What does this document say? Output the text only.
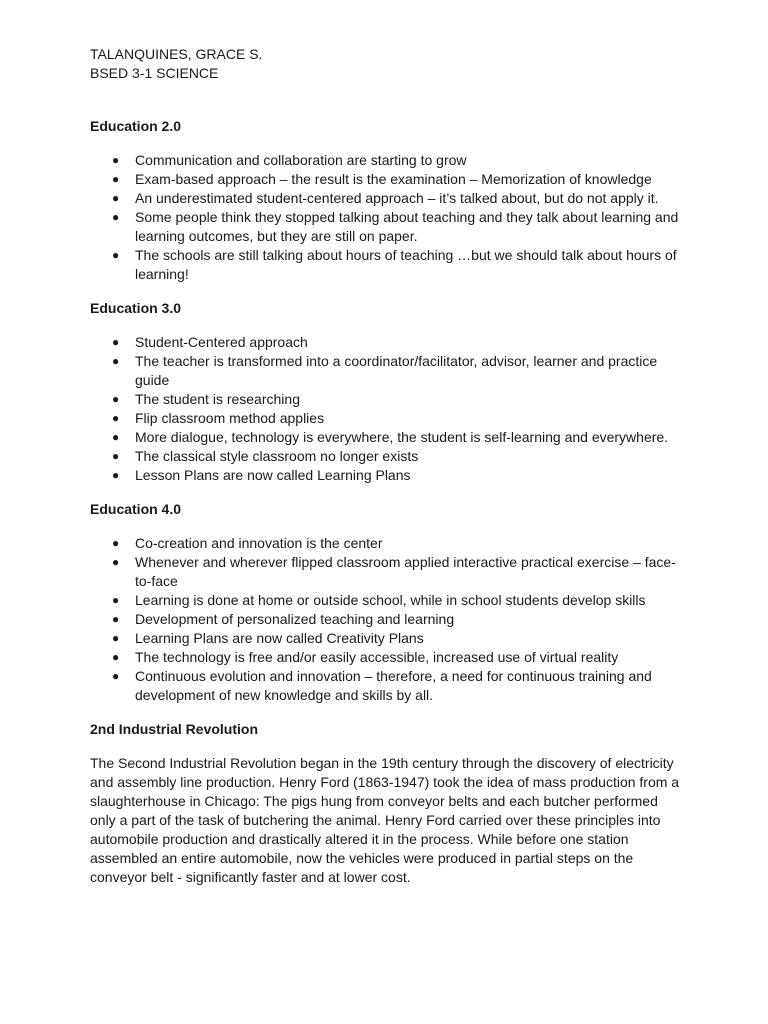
TALANQUINES, GRACE S.

BSED 3-1 SCIENCE

Education 2.0

● Communication and collaboration are starting to grow
● Exam-based approach – the result is the examination – Memorization of knowledge
● An underestimated student-centered approach – it’s talked about, but do not apply it.
● Some people think they stopped talking about teaching and they talk about learning and learning outcomes, but they are still on paper.
● The schools are still talking about hours of teaching …but we should talk about hours of learning!

Education 3.0

● Student-Centered approach
● The teacher is transformed into a coordinator/facilitator, advisor, learner and practice guide
● The student is researching
● Flip classroom method applies
● More dialogue, technology is everywhere, the student is self-learning and everywhere.
● The classical style classroom no longer exists
● Lesson Plans are now called Learning Plans

Education 4.0

● Co-creation and innovation is the center
● Whenever and wherever flipped classroom applied interactive practical exercise – face-to-face
● Learning is done at home or outside school, while in school students develop skills
● Development of personalized teaching and learning
● Learning Plans are now called Creativity Plans
● The technology is free and/or easily accessible, increased use of virtual reality
● Continuous evolution and innovation – therefore, a need for continuous training and development of new knowledge and skills by all.

2nd Industrial Revolution

The Second Industrial Revolution began in the 19th century through the discovery of electricity and assembly line production. Henry Ford (1863-1947) took the idea of mass production from a slaughterhouse in Chicago: The pigs hung from conveyor belts and each butcher performed only a part of the task of butchering the animal. Henry Ford carried over these principles into automobile production and drastically altered it in the process. While before one station assembled an entire automobile, now the vehicles were produced in partial steps on the conveyor belt - significantly faster and at lower cost.
